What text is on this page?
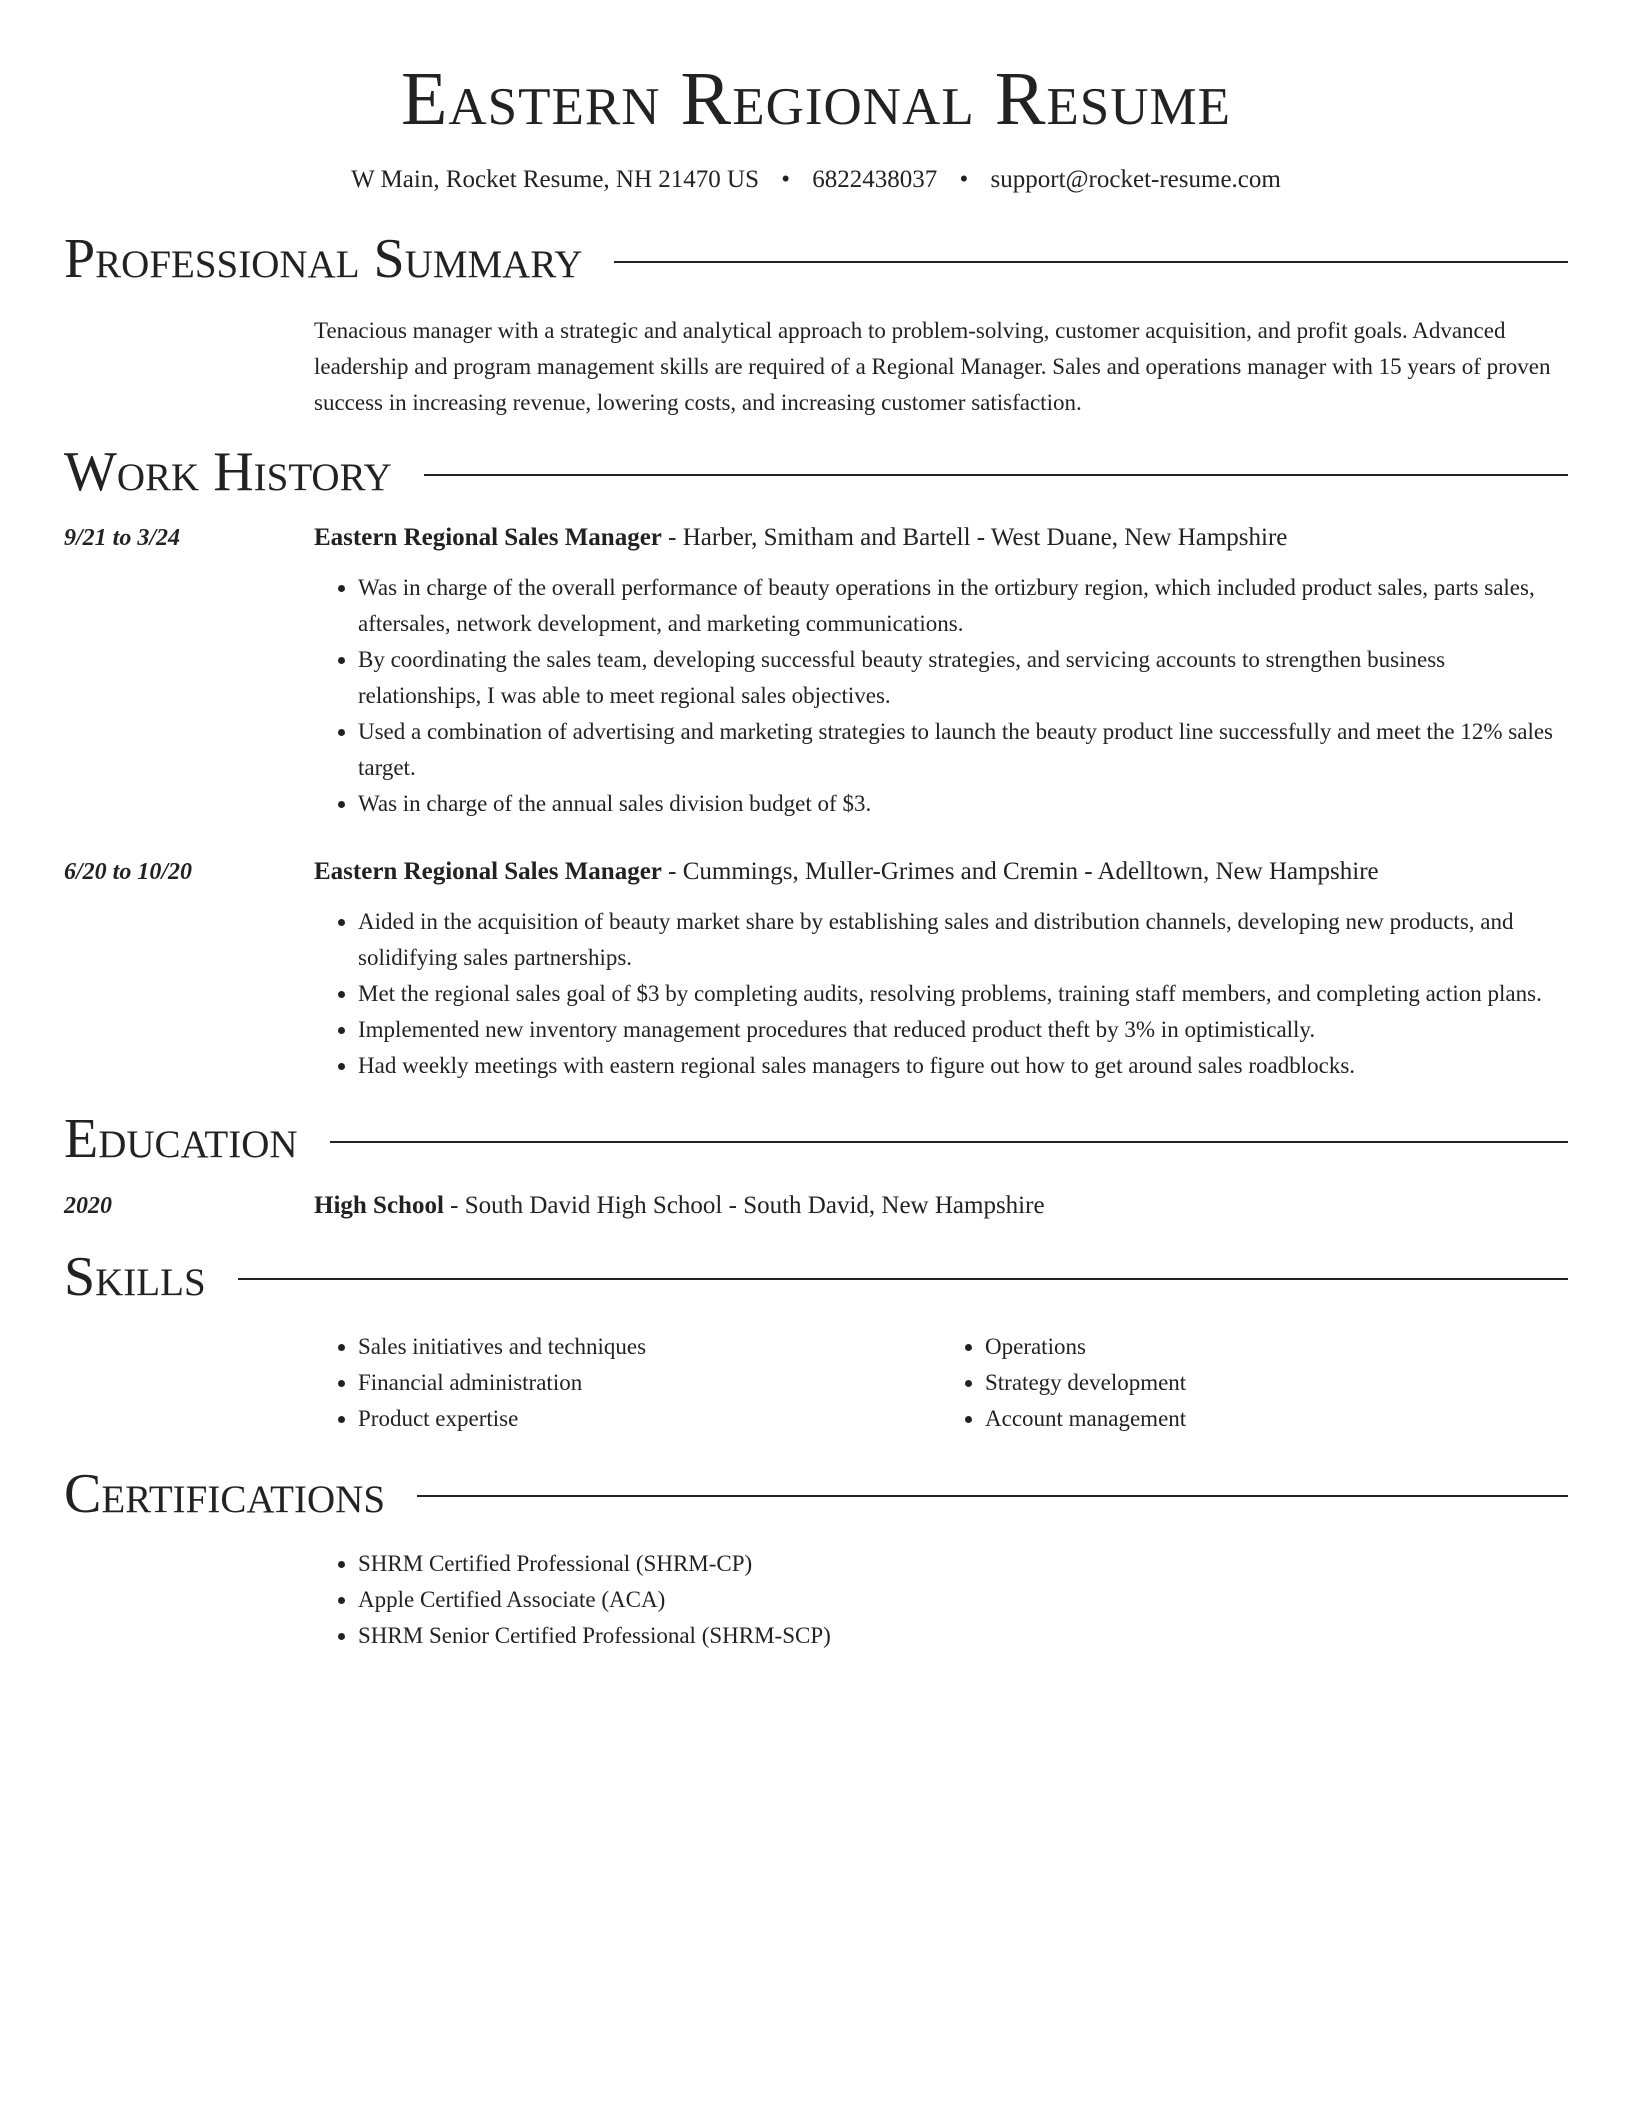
Eastern Regional Resume
W Main, Rocket Resume, NH 21470 US • 6822438037 • support@rocket-resume.com
Professional Summary
Tenacious manager with a strategic and analytical approach to problem-solving, customer acquisition, and profit goals. Advanced leadership and program management skills are required of a Regional Manager. Sales and operations manager with 15 years of proven success in increasing revenue, lowering costs, and increasing customer satisfaction.
Work History
9/21 to 3/24	Eastern Regional Sales Manager - Harber, Smitham and Bartell - West Duane, New Hampshire
• Was in charge of the overall performance of beauty operations in the ortizbury region, which included product sales, parts sales, aftersales, network development, and marketing communications.
• By coordinating the sales team, developing successful beauty strategies, and servicing accounts to strengthen business relationships, I was able to meet regional sales objectives.
• Used a combination of advertising and marketing strategies to launch the beauty product line successfully and meet the 12% sales target.
• Was in charge of the annual sales division budget of $3.
6/20 to 10/20	Eastern Regional Sales Manager - Cummings, Muller-Grimes and Cremin - Adelltown, New Hampshire
• Aided in the acquisition of beauty market share by establishing sales and distribution channels, developing new products, and solidifying sales partnerships.
• Met the regional sales goal of $3 by completing audits, resolving problems, training staff members, and completing action plans.
• Implemented new inventory management procedures that reduced product theft by 3% in optimistically.
• Had weekly meetings with eastern regional sales managers to figure out how to get around sales roadblocks.
Education
2020	High School - South David High School - South David, New Hampshire
Skills
• Sales initiatives and techniques
• Financial administration
• Product expertise
• Operations
• Strategy development
• Account management
Certifications
• SHRM Certified Professional (SHRM-CP)
• Apple Certified Associate (ACA)
• SHRM Senior Certified Professional (SHRM-SCP)
